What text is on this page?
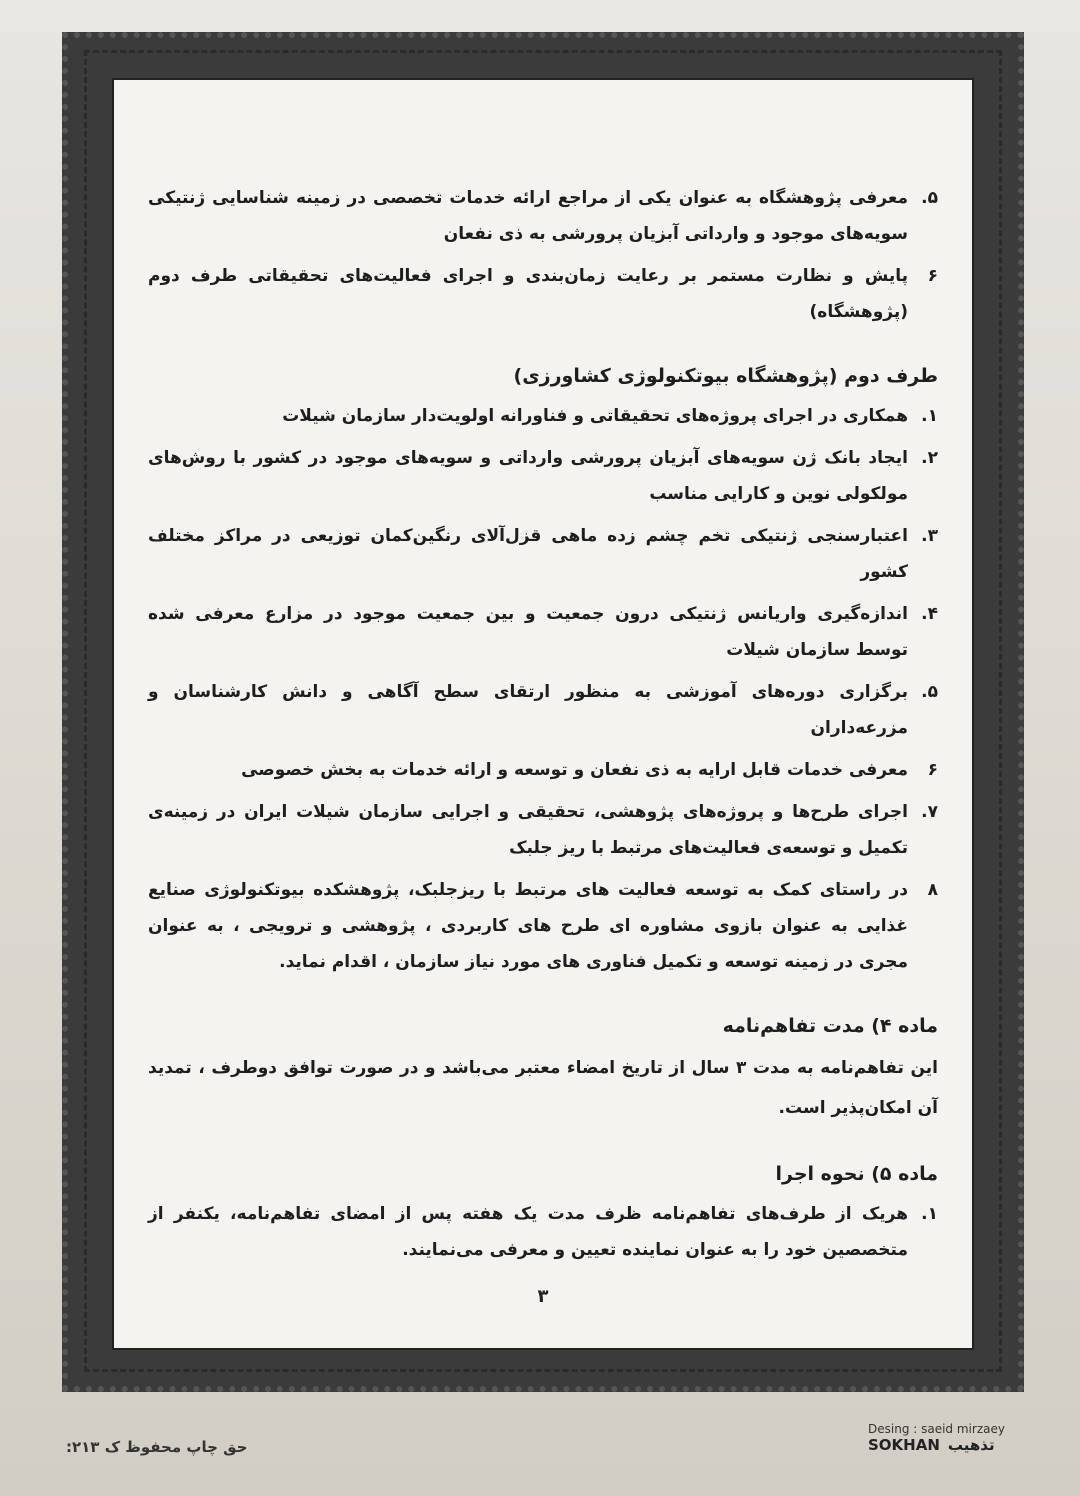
۵.
معرفی پژوهشگاه به عنوان یکی از مراجع ارائه خدمات تخصصی در زمینه شناسایی ژنتیکی سویه‌های موجود و وارداتی آبزیان پرورشی به ذی نفعان
۶
پایش و نظارت مستمر بر رعایت زمان‌بندی و اجرای فعالیت‌های تحقیقاتی طرف دوم (پژوهشگاه)
طرف دوم (پژوهشگاه بیوتکنولوژی کشاورزی)
۱.
همکاری در اجرای پروژه‌های تحقیقاتی و فناورانه اولویت‌دار سازمان شیلات
۲.
ایجاد بانک ژن سویه‌های آبزیان پرورشی وارداتی و سویه‌های موجود در کشور با روش‌های مولکولی نوین و کارایی مناسب
۳.
اعتبارسنجی ژنتیکی تخم چشم زده ماهی قزل‌آلای رنگین‌کمان توزیعی در مراکز مختلف کشور
۴.
اندازه‌گیری واریانس ژنتیکی درون جمعیت و بین جمعیت موجود در مزارع معرفی شده توسط سازمان شیلات
۵.
برگزاری دوره‌های آموزشی به منظور ارتقای سطح آگاهی و دانش کارشناسان و مزرعه‌داران
۶
معرفی خدمات قابل ارایه به ذی نفعان و توسعه و ارائه خدمات به بخش خصوصی
۷.
اجرای طرح‌ها و پروژه‌های پژوهشی، تحقیقی و اجرایی سازمان شیلات ایران در زمینه‌ی تکمیل و توسعه‌ی فعالیت‌های مرتبط با ریز جلبک
۸
در راستای کمک به توسعه فعالیت های مرتبط با ریزجلبک، پژوهشکده بیوتکنولوژی صنایع غذایی به عنوان بازوی مشاوره ای طرح های کاربردی ، پژوهشی و ترویجی ، به عنوان مجری در زمینه توسعه و تکمیل فناوری های مورد نیاز سازمان ، اقدام نماید.
ماده ۴) مدت تفاهم‌نامه
این تفاهم‌نامه به مدت ۳ سال از تاریخ امضاء معتبر می‌باشد و در صورت توافق دوطرف ، تمدید آن امکان‌پذیر است.
ماده ۵) نحوه اجرا
۱.
هریک از طرف‌های تفاهم‌نامه ظرف مدت یک هفته پس از امضای تفاهم‌نامه، یکنفر از متخصصین خود را به عنوان نماینده تعیین و معرفی می‌نمایند.
۳
حق چاپ محفوظ ک ۲۱۳:
Desing : saeid mirzaey
SOKHAN تذهیب
